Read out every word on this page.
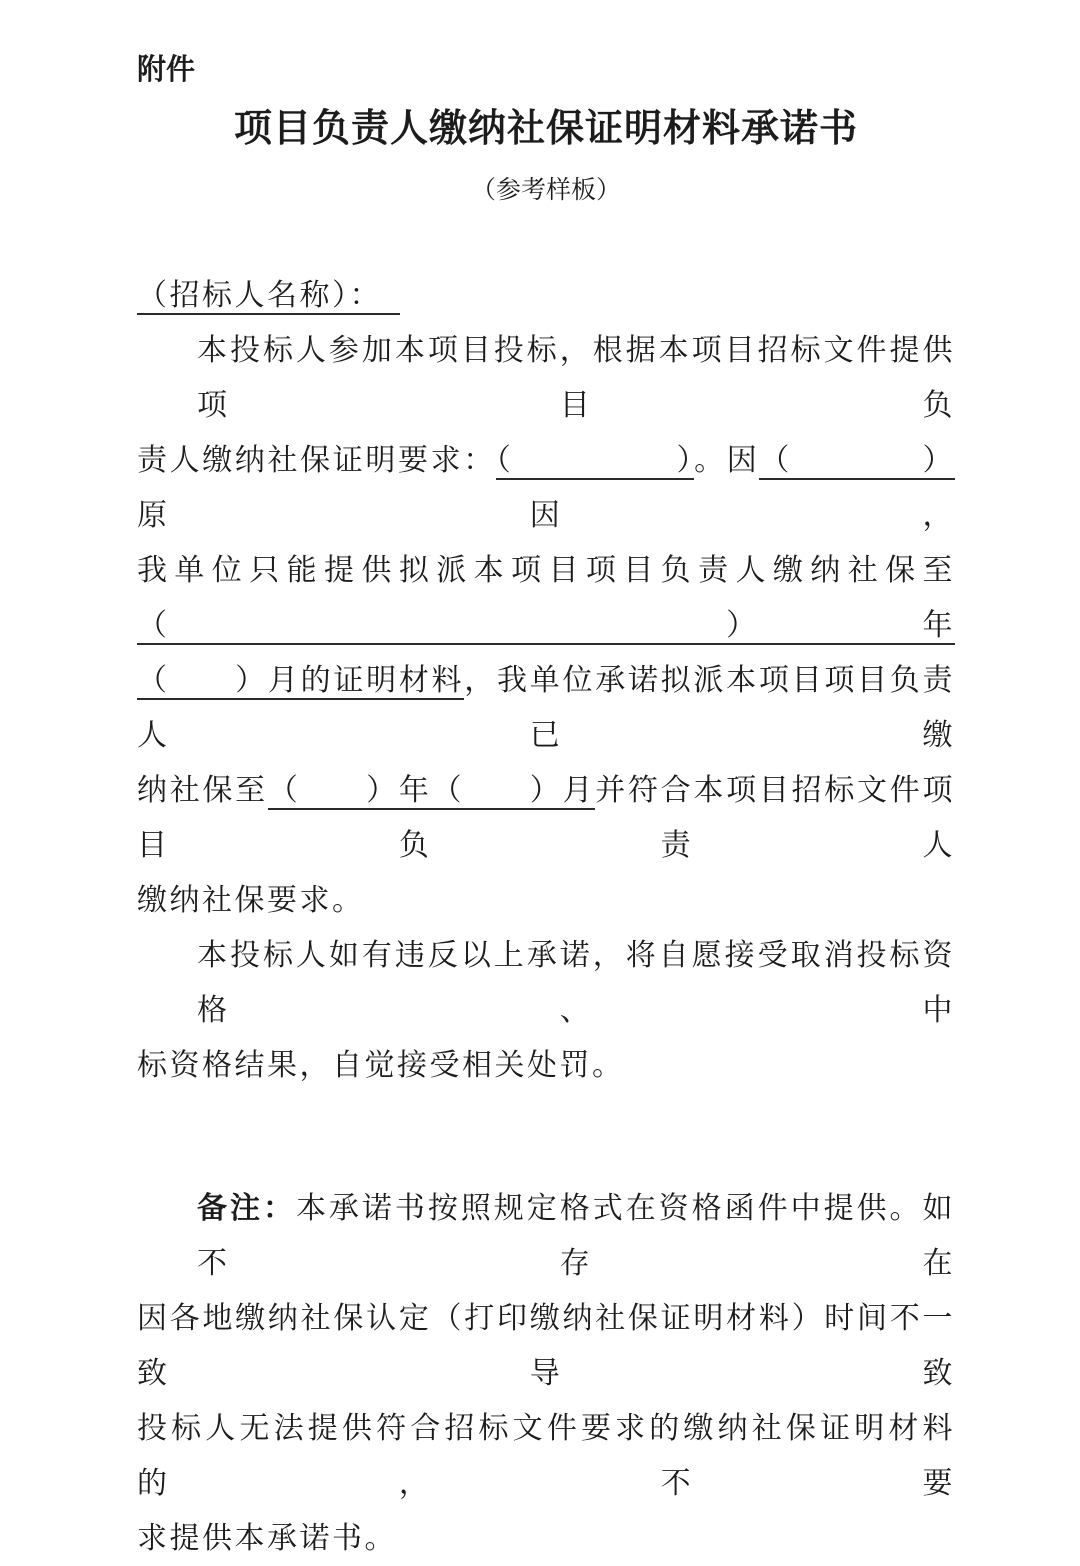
附件
项目负责人缴纳社保证明材料承诺书
（参考样板）
（招标人名称）：　
本投标人参加本项目投标，根据本项目招标文件提供项目负
责人缴纳社保证明要求：（　　　　　）。因（　　　　）原因，
我单位只能提供拟派本项目项目负责人缴纳社保至（　　）年
（　　）月的证明材料，我单位承诺拟派本项目项目负责人已缴
纳社保至（　　）年（　　）月并符合本项目招标文件项目负责人
缴纳社保要求。
本投标人如有违反以上承诺，将自愿接受取消投标资格、中
标资格结果，自觉接受相关处罚。
备注：本承诺书按照规定格式在资格函件中提供。如不存在
因各地缴纳社保认定（打印缴纳社保证明材料）时间不一致导致
投标人无法提供符合招标文件要求的缴纳社保证明材料的，不要
求提供本承诺书。
